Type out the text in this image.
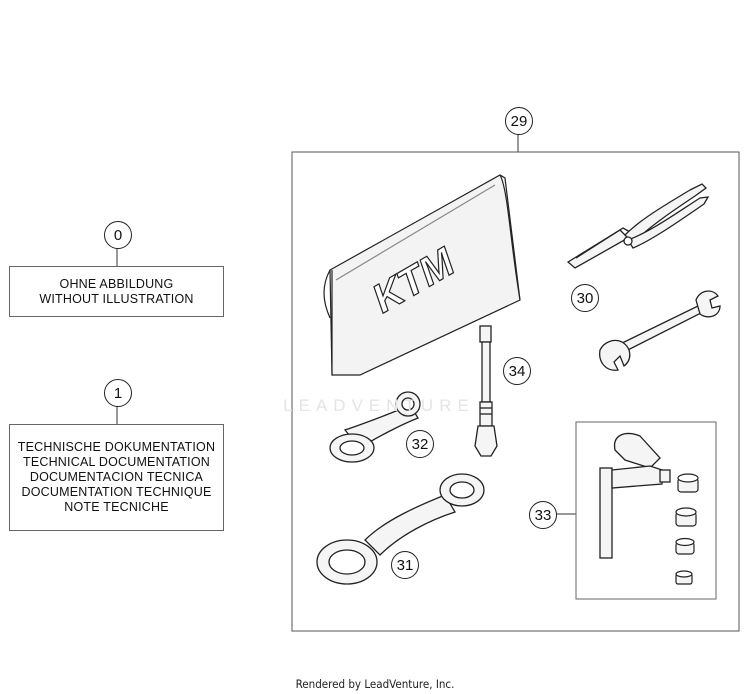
KTM
LEADVENTURE
0
1
29
30
34
32
33
31
OHNE ABBILDUNG
WITHOUT ILLUSTRATION
TECHNISCHE DOKUMENTATION
TECHNICAL DOCUMENTATION
DOCUMENTACION TECNICA
DOCUMENTATION TECHNIQUE
NOTE TECNICHE
Rendered by LeadVenture, Inc.
